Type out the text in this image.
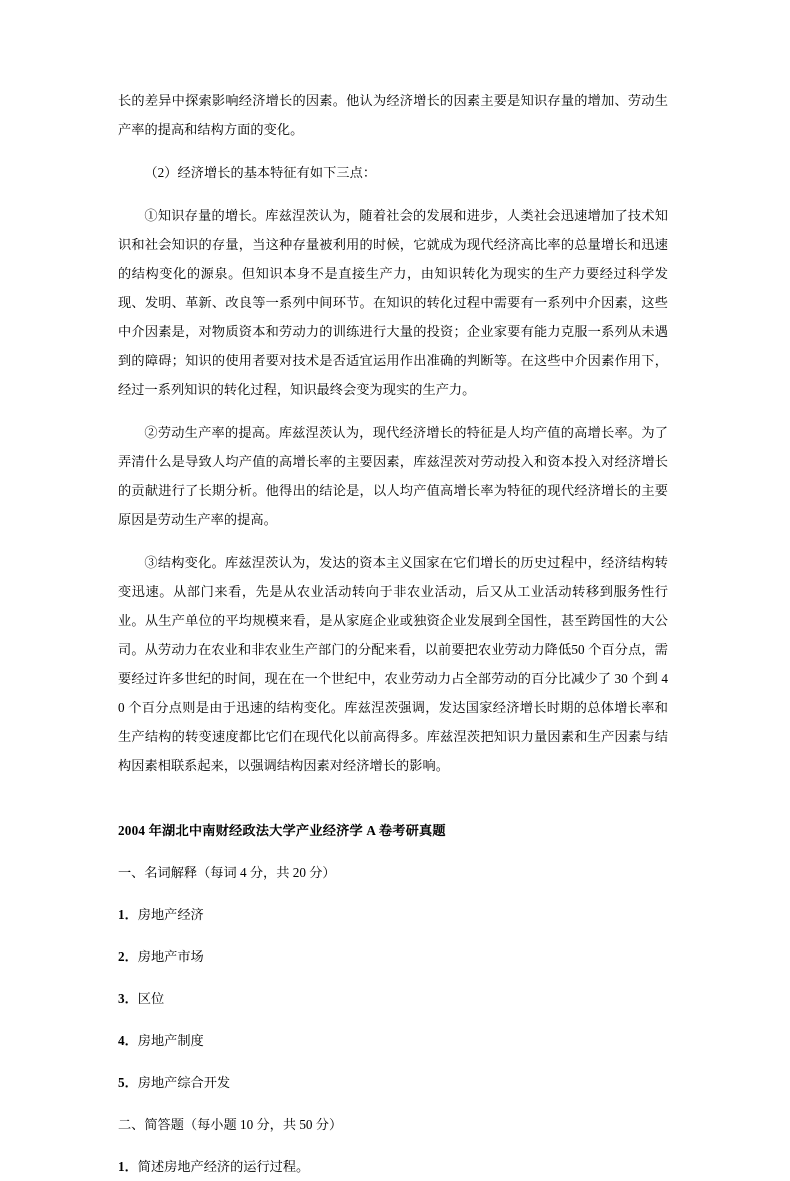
长的差异中探索影响经济增长的因素。他认为经济增长的因素主要是知识存量的增加、劳动生产率的提高和结构方面的变化。

（2）经济增长的基本特征有如下三点：

①知识存量的增长。库兹涅茨认为，随着社会的发展和进步，人类社会迅速增加了技术知识和社会知识的存量，当这种存量被利用的时候，它就成为现代经济高比率的总量增长和迅速的结构变化的源泉。但知识本身不是直接生产力，由知识转化为现实的生产力要经过科学发现、发明、革新、改良等一系列中间环节。在知识的转化过程中需要有一系列中介因素，这些中介因素是，对物质资本和劳动力的训练进行大量的投资；企业家要有能力克服一系列从未遇到的障碍；知识的使用者要对技术是否适宜运用作出准确的判断等。在这些中介因素作用下，经过一系列知识的转化过程，知识最终会变为现实的生产力。

②劳动生产率的提高。库兹涅茨认为，现代经济增长的特征是人均产值的高增长率。为了弄清什么是导致人均产值的高增长率的主要因素，库兹涅茨对劳动投入和资本投入对经济增长的贡献进行了长期分析。他得出的结论是，以人均产值高增长率为特征的现代经济增长的主要原因是劳动生产率的提高。

③结构变化。库兹涅茨认为，发达的资本主义国家在它们增长的历史过程中，经济结构转变迅速。从部门来看，先是从农业活动转向于非农业活动，后又从工业活动转移到服务性行业。从生产单位的平均规模来看，是从家庭企业或独资企业发展到全国性，甚至跨国性的大公司。从劳动力在农业和非农业生产部门的分配来看，以前要把农业劳动力降低50 个百分点，需要经过许多世纪的时间，现在在一个世纪中，农业劳动力占全部劳动的百分比减少了 30 个到 40 个百分点则是由于迅速的结构变化。库兹涅茨强调，发达国家经济增长时期的总体增长率和生产结构的转变速度都比它们在现代化以前高得多。库兹涅茨把知识力量因素和生产因素与结构因素相联系起来，以强调结构因素对经济增长的影响。

2004 年湖北中南财经政法大学产业经济学 A 卷考研真题

一、名词解释（每词 4 分，共 20 分）

1．房地产经济

2．房地产市场

3．区位

4．房地产制度

5．房地产综合开发

二、简答题（每小题 10 分，共 50 分）

1．简述房地产经济的运行过程。
